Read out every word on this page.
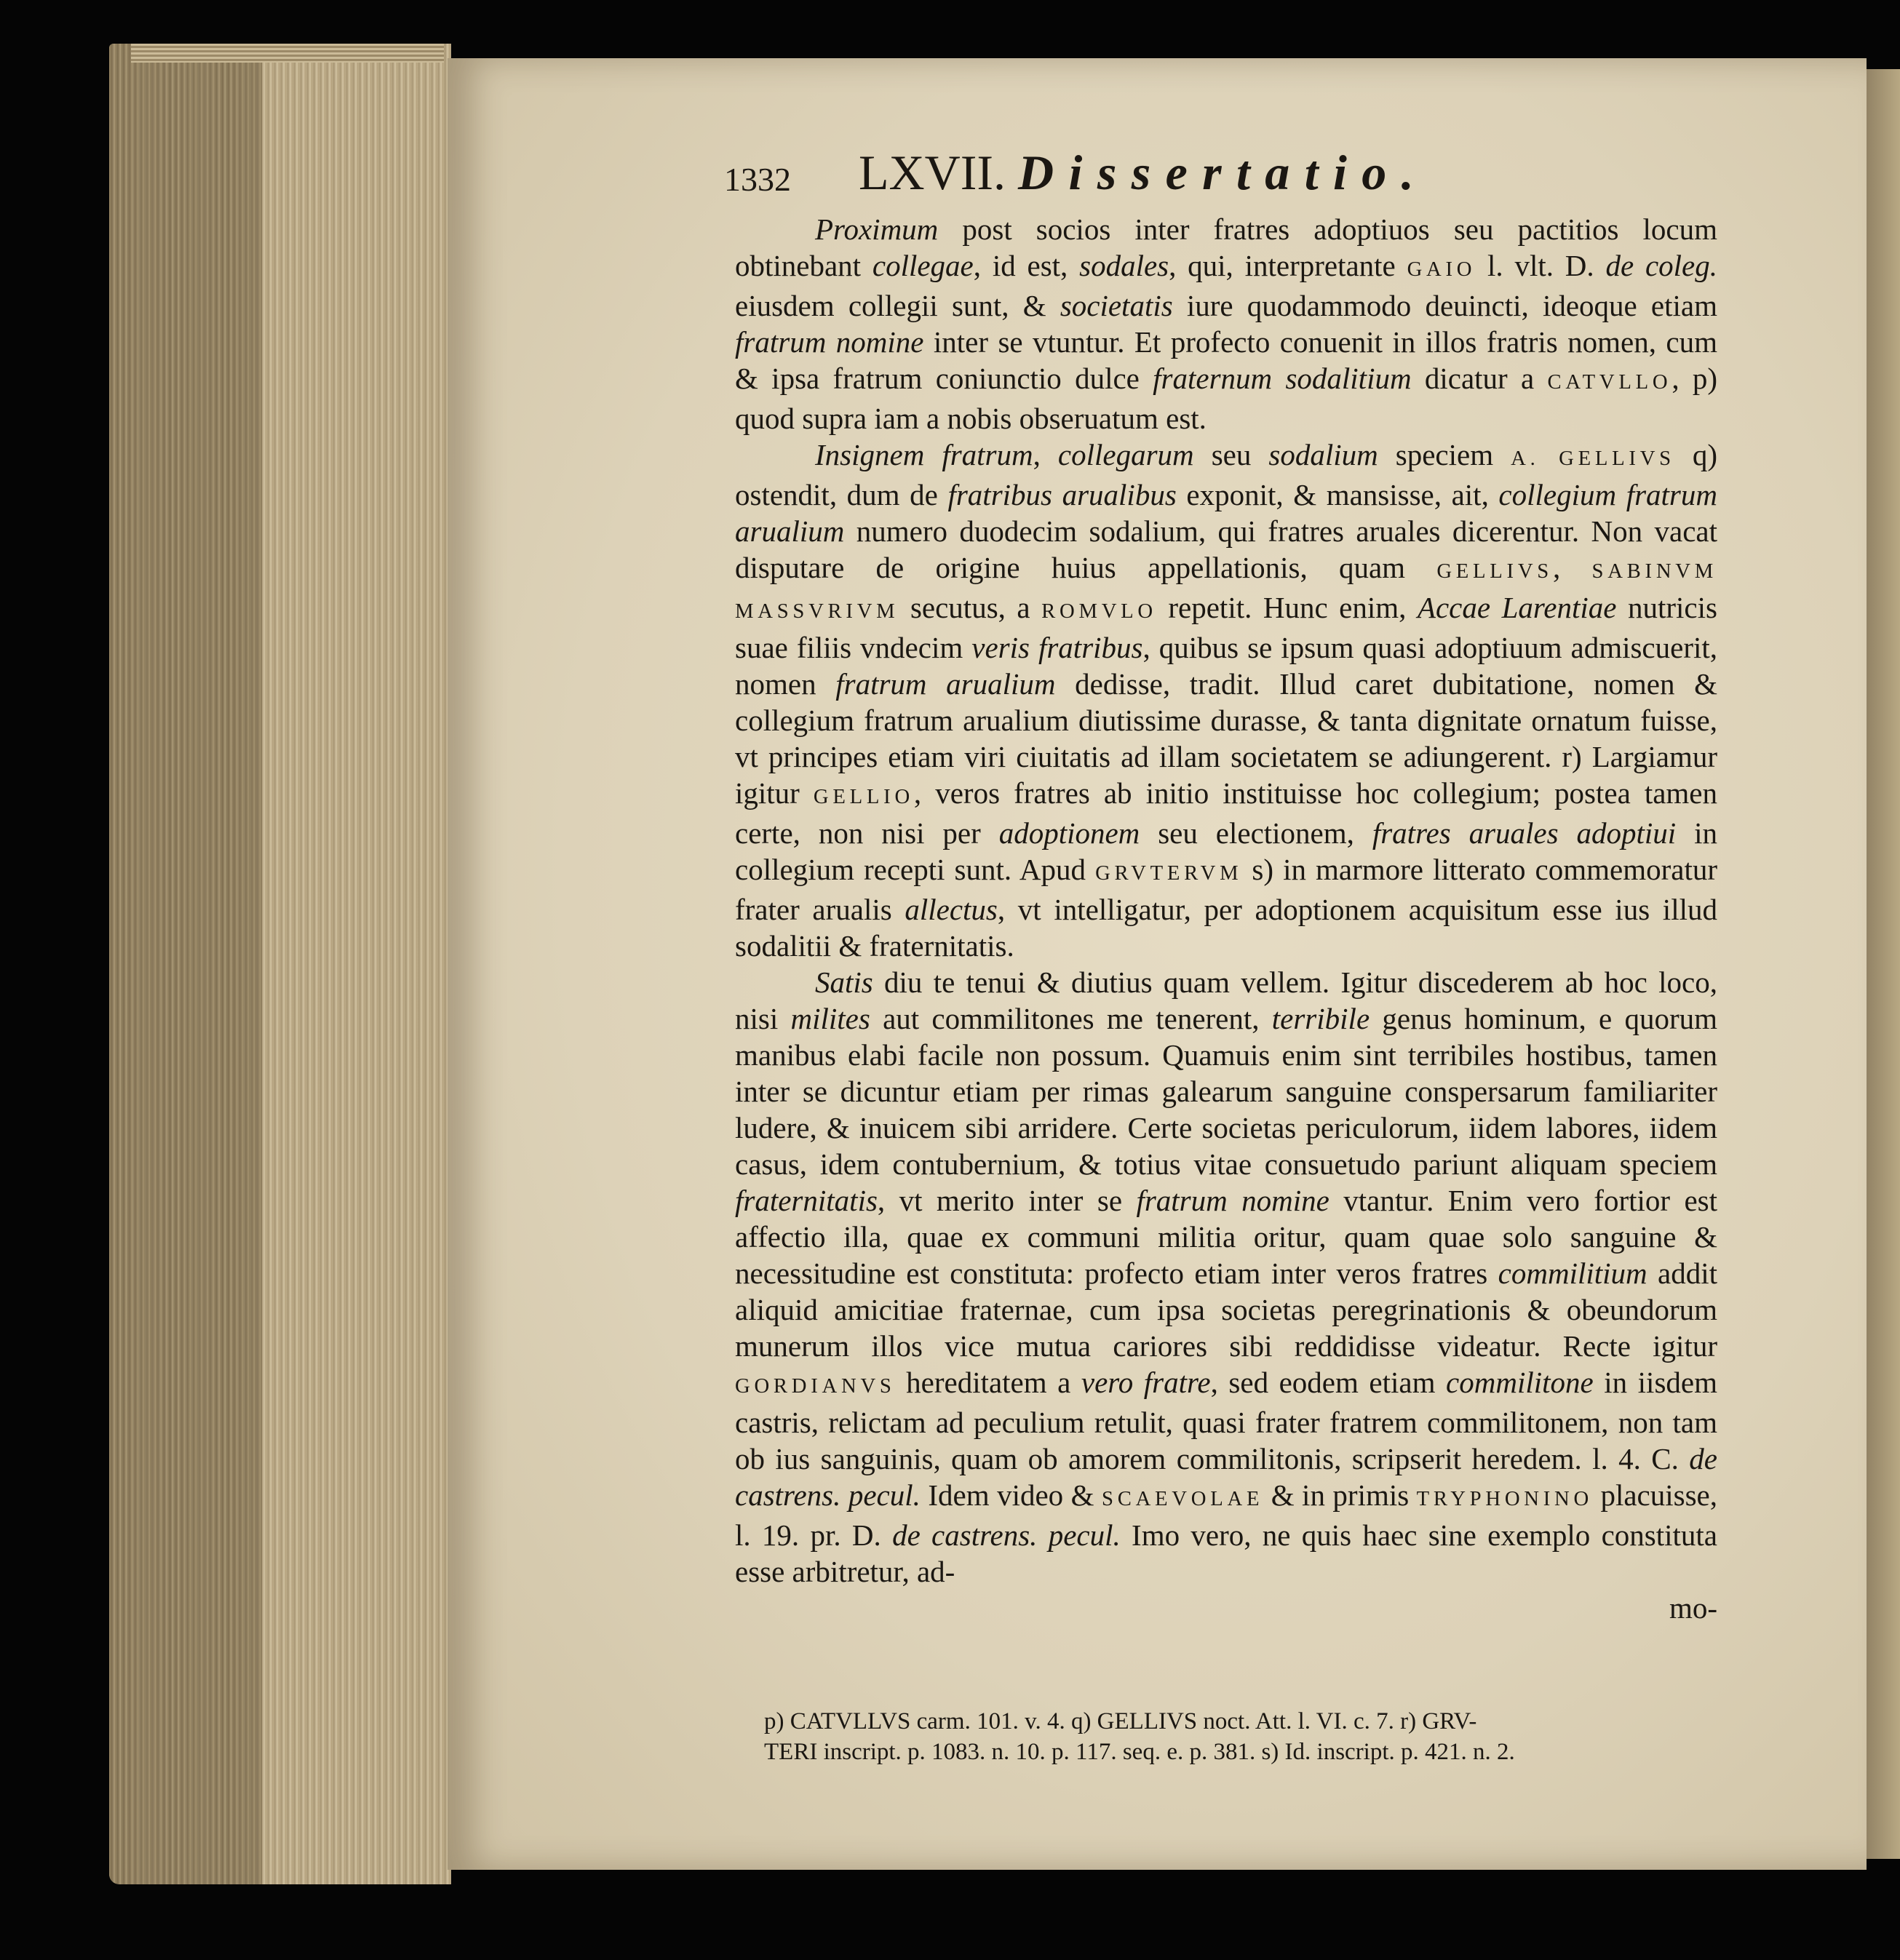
1332 LXVII. Dissertatio.

Proximum post socios inter fratres adoptiuos seu pactitios locum obtinebant collegae, id est, sodales, qui, interpretante GAIO l. vlt. D. de coleg. eiusdem collegii sunt, & societatis iure quodammodo deuincti, ideoque etiam fratrum nomine inter se vtuntur. Et profecto conuenit in illos fratris nomen, cum & ipsa fratrum coniunctio dulce fraternum sodalitium dicatur a CATVLLO, p) quod supra iam a nobis obseruatum est.

Insignem fratrum, collegarum seu sodalium speciem A. GELLIVS q) ostendit, dum de fratribus arualibus exponit, & mansisse, ait, collegium fratrum arualium numero duodecim sodalium, qui fratres aruales dicerentur. Non vacat disputare de origine huius appellationis, quam GELLIVS, SABINVM MASSVRIVM secutus, a ROMVLO repetit. Hunc enim, Accae Larentiae nutricis suae filiis vndecim veris fratribus, quibus se ipsum quasi adoptiuum admiscuerit, nomen fratrum arualium dedisse, tradit. Illud caret dubitatione, nomen & collegium fratrum arualium diutissime durasse, & tanta dignitate ornatum fuisse, vt principes etiam viri ciuitatis ad illam societatem se adiungerent. r) Largiamur igitur GELLIO, veros fratres ab initio instituisse hoc collegium; postea tamen certe, non nisi per adoptionem seu electionem, fratres aruales adoptiui in collegium recepti sunt. Apud GRVTERVM s) in marmore litterato commemoratur frater arualis allectus, vt intelligatur, per adoptionem acquisitum esse ius illud sodalitii & fraternitatis.

Satis diu te tenui & diutius quam vellem. Igitur discederem ab hoc loco, nisi milites aut commilitones me tenerent, terribile genus hominum, e quorum manibus elabi facile non possum. Quamuis enim sint terribiles hostibus, tamen inter se dicuntur etiam per rimas galearum sanguine conspersarum familiariter ludere, & inuicem sibi arridere. Certe societas periculorum, iidem labores, iidem casus, idem contubernium, & totius vitae consuetudo pariunt aliquam speciem fraternitatis, vt merito inter se fratrum nomine vtantur. Enim vero fortior est affectio illa, quae ex communi militia oritur, quam quae solo sanguine & necessitudine est constituta: profecto etiam inter veros fratres commilitium addit aliquid amicitiae fraternae, cum ipsa societas peregrinationis & obeundorum munerum illos vice mutua cariores sibi reddidisse videatur. Recte igitur GORDIANVS hereditatem a vero fratre, sed eodem etiam commilitone in iisdem castris, relictam ad peculium retulit, quasi frater fratrem commilitonem, non tam ob ius sanguinis, quam ob amorem commilitonis, scripserit heredem. l. 4. C. de castrens. pecul. Idem video & SCAEVOLAE & in primis TRYPHONINO placuisse, l. 19. pr. D. de castrens. pecul. Imo vero, ne quis haec sine exemplo constituta esse arbitretur, ad-

mo-

p) CATVLLVS carm. 101. v. 4. q) GELLIVS noct. Att. l. VI. c. 7. r) GRV-

TERI inscript. p. 1083. n. 10. p. 117. seq. e. p. 381. s) Id. inscript. p. 421. n. 2.
